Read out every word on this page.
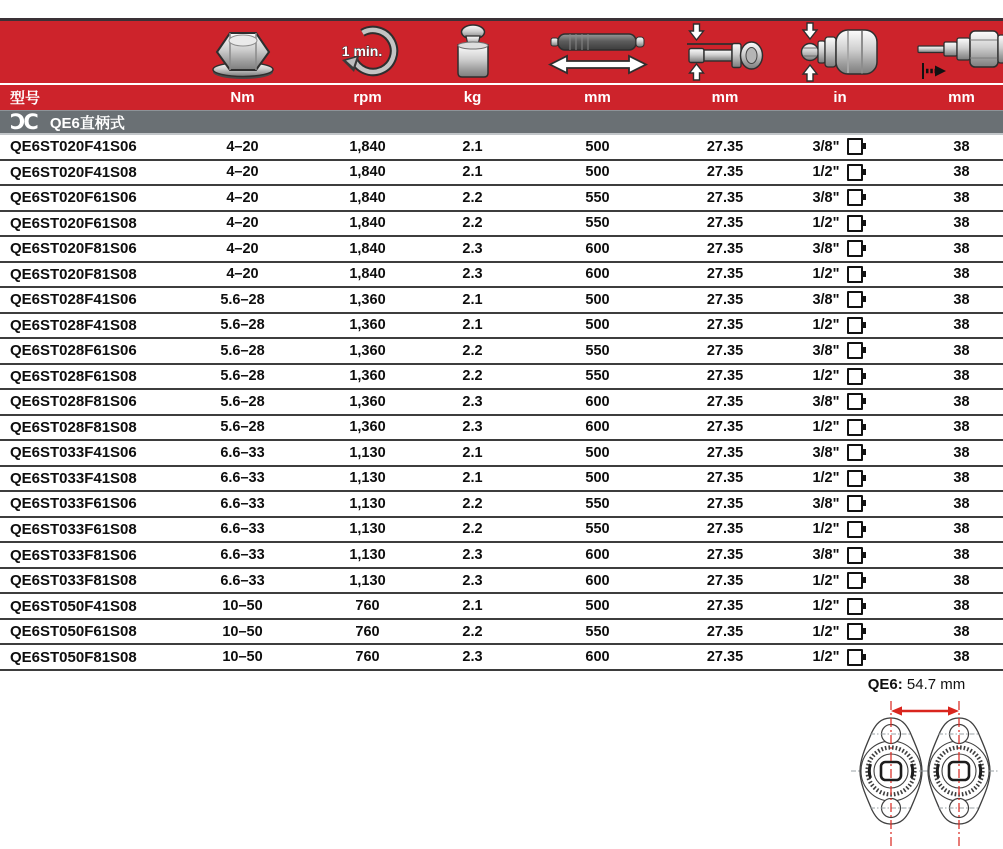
1 min.
型号	Nm	rpm	kg	mm	mm	in	mm
ƆC QE6直柄式
QE6ST020F41S06	4–20	1,840	2.1	500	27.35	3/8"	38
QE6ST020F41S08	4–20	1,840	2.1	500	27.35	1/2"	38
QE6ST020F61S06	4–20	1,840	2.2	550	27.35	3/8"	38
QE6ST020F61S08	4–20	1,840	2.2	550	27.35	1/2"	38
QE6ST020F81S06	4–20	1,840	2.3	600	27.35	3/8"	38
QE6ST020F81S08	4–20	1,840	2.3	600	27.35	1/2"	38
QE6ST028F41S06	5.6–28	1,360	2.1	500	27.35	3/8"	38
QE6ST028F41S08	5.6–28	1,360	2.1	500	27.35	1/2"	38
QE6ST028F61S06	5.6–28	1,360	2.2	550	27.35	3/8"	38
QE6ST028F61S08	5.6–28	1,360	2.2	550	27.35	1/2"	38
QE6ST028F81S06	5.6–28	1,360	2.3	600	27.35	3/8"	38
QE6ST028F81S08	5.6–28	1,360	2.3	600	27.35	1/2"	38
QE6ST033F41S06	6.6–33	1,130	2.1	500	27.35	3/8"	38
QE6ST033F41S08	6.6–33	1,130	2.1	500	27.35	1/2"	38
QE6ST033F61S06	6.6–33	1,130	2.2	550	27.35	3/8"	38
QE6ST033F61S08	6.6–33	1,130	2.2	550	27.35	1/2"	38
QE6ST033F81S06	6.6–33	1,130	2.3	600	27.35	3/8"	38
QE6ST033F81S08	6.6–33	1,130	2.3	600	27.35	1/2"	38
QE6ST050F41S08	10–50	760	2.1	500	27.35	1/2"	38
QE6ST050F61S08	10–50	760	2.2	550	27.35	1/2"	38
QE6ST050F81S08	10–50	760	2.3	600	27.35	1/2"	38
QE6: 54.7 mm
